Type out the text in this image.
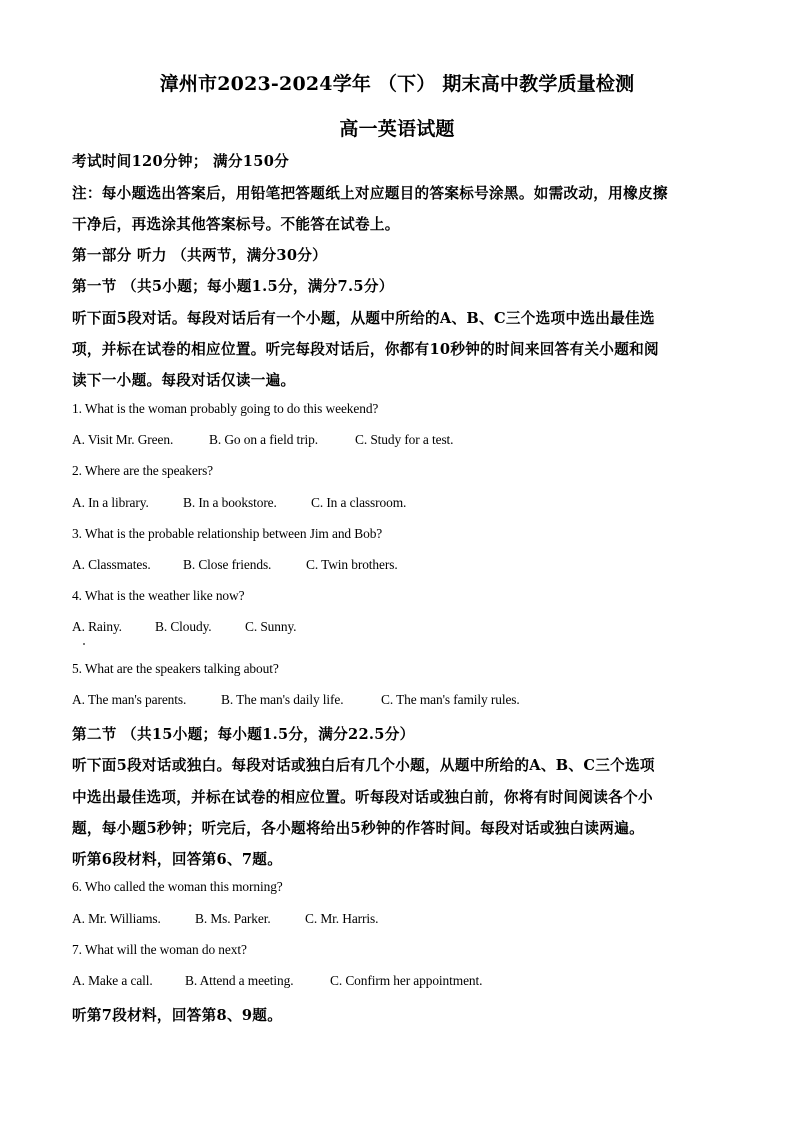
漳州市2023-2024学年 （下） 期末高中教学质量检测
高一英语试题
考试时间120分钟； 满分150分
注：每小题选出答案后，用铅笔把答题纸上对应题目的答案标号涂黑。如需改动，用橡皮擦
干净后，再选涂其他答案标号。不能答在试卷上。
第一部分 听力 （共两节，满分30分）
第一节 （共5小题；每小题1.5分，满分7.5分）
听下面5段对话。每段对话后有一个小题，从题中所给的A、B、C三个选项中选出最佳选
项，并标在试卷的相应位置。听完每段对话后，你都有10秒钟的时间来回答有关小题和阅
读下一小题。每段对话仅读一遍。
1. What is the woman probably going to do this weekend?
A. Visit Mr. Green.	B. Go on a field trip.	C. Study for a test.
2. Where are the speakers?
A. In a library.	B. In a bookstore.	C. In a classroom.
3. What is the probable relationship between Jim and Bob?
A. Classmates. B. Close friends.	C. Twin brothers.
4. What is the weather like now?
A. Rainy. B. Cloudy. C. Sunny.
5. What are the speakers talking about?
A. The man's parents.	B. The man's daily life.	C. The man's family rules.
第二节 （共15小题；每小题1.5分，满分22.5分）
听下面5段对话或独白。每段对话或独白后有几个小题，从题中所给的A、B、C三个选项
中选出最佳选项，并标在试卷的相应位置。听每段对话或独白前，你将有时间阅读各个小
题，每小题5秒钟；听完后，各小题将给出5秒钟的作答时间。每段对话或独白读两遍。
听第6段材料，回答第6、7题。
6. Who called the woman this morning?
A. Mr. Williams.	B. Ms. Parker.	C. Mr. Harris.
7. What will the woman do next?
A. Make a call. B. Attend a meeting.	C. Confirm her appointment.
听第7段材料，回答第8、9题。
